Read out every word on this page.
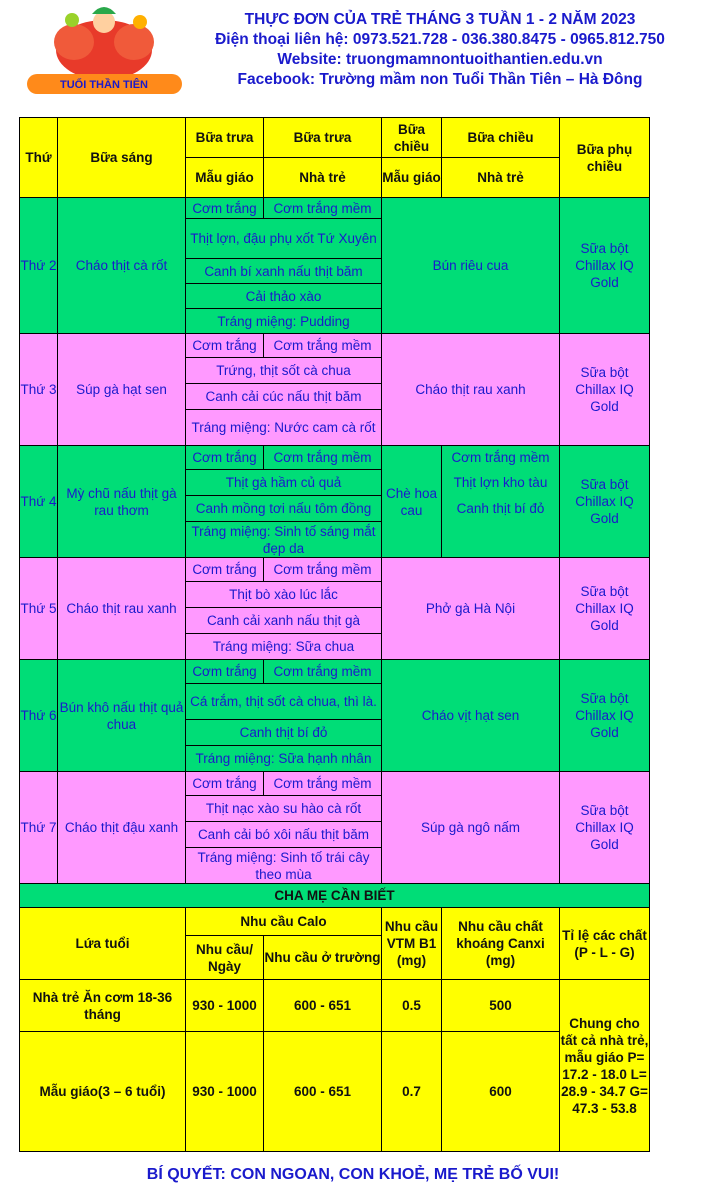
TUỔI THẦN TIÊN
THỰC ĐƠN CỦA TRẺ THÁNG 3 TUẦN 1 - 2 NĂM 2023
Điện thoại liên hệ: 0973.521.728 - 036.380.8475 - 0965.812.750
Website: truongmamnontuoithantien.edu.vn
Facebook: Trường mầm non Tuổi Thần Tiên – Hà Đông
Thứ	Bữa sáng	Bữa trưa	Bữa trưa	Bữa chiều	Bữa chiều	Bữa phụ chiều
		Mẫu giáo	Nhà trẻ	Mẫu giáo	Nhà trẻ	
Thứ 2	Cháo thịt cà rốt	Cơm trắng	Cơm trắng mềm	Bún riêu cua		Sữa bột Chillax IQ Gold
		Thịt lợn, đậu phụ xốt Tứ Xuyên				
		Canh bí xanh nấu thịt băm				
		Cải thảo xào				
		Tráng miệng: Pudding				
Thứ 3	Súp gà hạt sen	Cơm trắng	Cơm trắng mềm	Cháo thịt rau xanh		Sữa bột Chillax IQ Gold
		Trứng, thịt sốt cà chua				
		Canh cải cúc nấu thịt băm				
		Tráng miệng: Nước cam cà rốt				
Thứ 4	Mỳ chũ nấu thịt gà rau thơm	Cơm trắng	Cơm trắng mềm	Chè hoa cau	Cơm trắng mềm	Sữa bột Chillax IQ Gold
		Thịt gà hầm củ quả			Thịt lợn kho tàu	
		Canh mồng tơi nấu tôm đồng			Canh thịt bí đỏ	
		Tráng miệng: Sinh tố sáng mắt đẹp da				
Thứ 5	Cháo thịt rau xanh	Cơm trắng	Cơm trắng mềm	Phở gà Hà Nội		Sữa bột Chillax IQ Gold
		Thịt bò xào lúc lắc				
		Canh cải xanh nấu thịt gà				
		Tráng miệng: Sữa chua				
Thứ 6	Bún khô nấu thịt quả chua	Cơm trắng	Cơm trắng mềm	Cháo vịt hạt sen		Sữa bột Chillax IQ Gold
		Cá trắm, thịt sốt cà chua, thì là.				
		Canh thịt bí đỏ				
		Tráng miệng: Sữa hạnh nhân				
Thứ 7	Cháo thịt đậu xanh	Cơm trắng	Cơm trắng mềm	Súp gà ngô nấm		Sữa bột Chillax IQ Gold
		Thịt nạc xào su hào cà rốt				
		Canh cải bó xôi nấu thịt băm				
		Tráng miệng: Sinh tố trái cây theo mùa				
CHA MẸ CẦN BIẾT						
Lứa tuổi		Nhu cầu Calo		Nhu cầu VTM B1 (mg)	Nhu cầu chất khoáng Canxi (mg)	Tỉ lệ các chất (P - L - G)
		Nhu cầu/ Ngày	Nhu cầu ở trường			
Nhà trẻ Ăn cơm 18-36 tháng		930 - 1000	600 - 651	0.5	500	Chung cho tất cả nhà trẻ, mẫu giáo P= 17.2 - 18.0 L= 28.9 - 34.7 G= 47.3 - 53.8
Mẫu giáo(3 – 6 tuổi)		930 - 1000	600 - 651	0.7	600	
BÍ QUYẾT: CON NGOAN, CON KHOẺ, MẸ TRẺ BỐ VUI!
